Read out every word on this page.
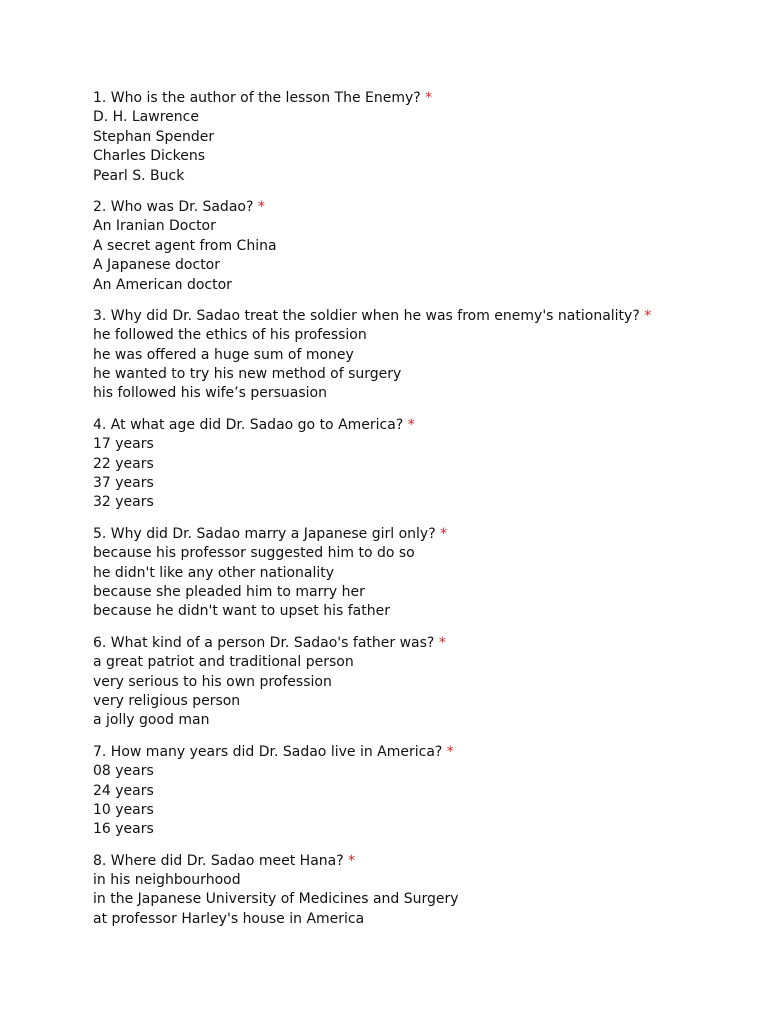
1. Who is the author of the lesson The Enemy? *
D. H. Lawrence
Stephan Spender
Charles Dickens
Pearl S. Buck
2. Who was Dr. Sadao? *
An Iranian Doctor
A secret agent from China
A Japanese doctor
An American doctor
3. Why did Dr. Sadao treat the soldier when he was from enemy's nationality? *
he followed the ethics of his profession
he was offered a huge sum of money
he wanted to try his new method of surgery
his followed his wife’s persuasion
4. At what age did Dr. Sadao go to America? *
17 years
22 years
37 years
32 years
5. Why did Dr. Sadao marry a Japanese girl only? *
because his professor suggested him to do so
he didn't like any other nationality
because she pleaded him to marry her
because he didn't want to upset his father
6. What kind of a person Dr. Sadao's father was? *
a great patriot and traditional person
very serious to his own profession
very religious person
a jolly good man
7. How many years did Dr. Sadao live in America? *
08 years
24 years
10 years
16 years
8. Where did Dr. Sadao meet Hana? *
in his neighbourhood
in the Japanese University of Medicines and Surgery
at professor Harley's house in America
